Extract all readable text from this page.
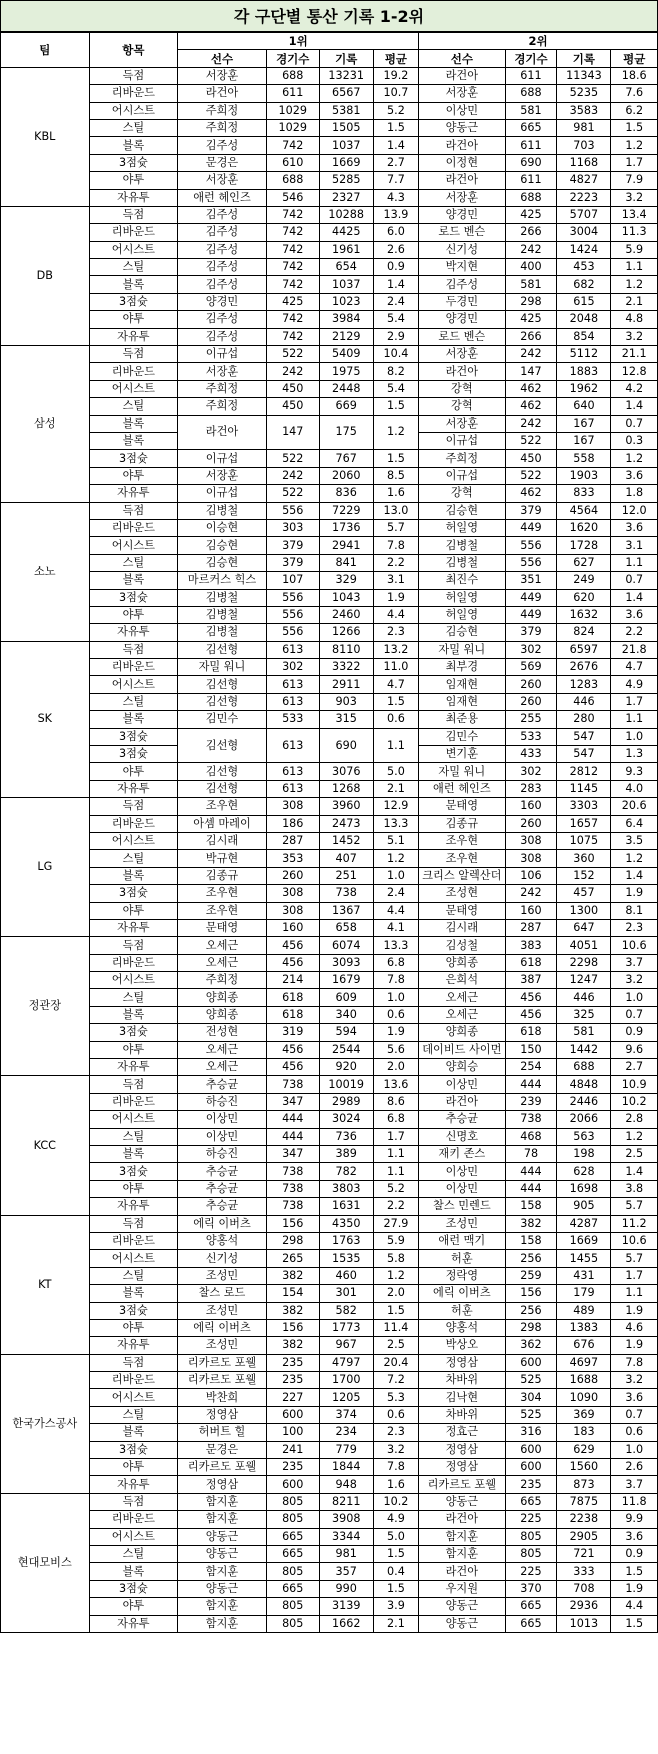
각 구단별 통산 기록 1-2위
팀	항목	1위				2위			
		선수	경기수	기록	평균	선수	경기수	기록	평균
KBL	득점	서장훈	688	13231	19.2	라건아	611	11343	18.6
	리바운드	라건아	611	6567	10.7	서장훈	688	5235	7.6
	어시스트	주희정	1029	5381	5.2	이상민	581	3583	6.2
	스틸	주희정	1029	1505	1.5	양동근	665	981	1.5
	블록	김주성	742	1037	1.4	라건아	611	703	1.2
	3점슛	문경은	610	1669	2.7	이정현	690	1168	1.7
	야투	서장훈	688	5285	7.7	라건아	611	4827	7.9
	자유투	애런 헤인즈	546	2327	4.3	서장훈	688	2223	3.2
DB	득점	김주성	742	10288	13.9	양경민	425	5707	13.4
	리바운드	김주성	742	4425	6.0	로드 벤슨	266	3004	11.3
	어시스트	김주성	742	1961	2.6	신기성	242	1424	5.9
	스틸	김주성	742	654	0.9	박지현	400	453	1.1
	블록	김주성	742	1037	1.4	김주성	581	682	1.2
	3점슛	양경민	425	1023	2.4	두경민	298	615	2.1
	야투	김주성	742	3984	5.4	양경민	425	2048	4.8
	자유투	김주성	742	2129	2.9	로드 벤슨	266	854	3.2
삼성	득점	이규섭	522	5409	10.4	서장훈	242	5112	21.1
	리바운드	서장훈	242	1975	8.2	라건아	147	1883	12.8
	어시스트	주희정	450	2448	5.4	강혁	462	1962	4.2
	스틸	주희정	450	669	1.5	강혁	462	640	1.4
	블록	라건아	147	175	1.2	서장훈	242	167	0.7
	블록					이규섭	522	167	0.3
	3점슛	이규섭	522	767	1.5	주희정	450	558	1.2
	야투	서장훈	242	2060	8.5	이규섭	522	1903	3.6
	자유투	이규섭	522	836	1.6	강혁	462	833	1.8
소노	득점	김병철	556	7229	13.0	김승현	379	4564	12.0
	리바운드	이승현	303	1736	5.7	허일영	449	1620	3.6
	어시스트	김승현	379	2941	7.8	김병철	556	1728	3.1
	스틸	김승현	379	841	2.2	김병철	556	627	1.1
	블록	마르커스 힉스	107	329	3.1	최진수	351	249	0.7
	3점슛	김병철	556	1043	1.9	허일영	449	620	1.4
	야투	김병철	556	2460	4.4	허일영	449	1632	3.6
	자유투	김병철	556	1266	2.3	김승현	379	824	2.2
SK	득점	김선형	613	8110	13.2	자밀 워니	302	6597	21.8
	리바운드	자밀 워니	302	3322	11.0	최부경	569	2676	4.7
	어시스트	김선형	613	2911	4.7	임재현	260	1283	4.9
	스틸	김선형	613	903	1.5	임재현	260	446	1.7
	블록	김민수	533	315	0.6	최준용	255	280	1.1
	3점슛	김선형	613	690	1.1	김민수	533	547	1.0
	3점슛					변기훈	433	547	1.3
	야투	김선형	613	3076	5.0	자밀 워니	302	2812	9.3
	자유투	김선형	613	1268	2.1	애런 헤인즈	283	1145	4.0
LG	득점	조우현	308	3960	12.9	문태영	160	3303	20.6
	리바운드	아셈 마레이	186	2473	13.3	김종규	260	1657	6.4
	어시스트	김시래	287	1452	5.1	조우현	308	1075	3.5
	스틸	박규현	353	407	1.2	조우현	308	360	1.2
	블록	김종규	260	251	1.0	크리스 알렉산더	106	152	1.4
	3점슛	조우현	308	738	2.4	조성현	242	457	1.9
	야투	조우현	308	1367	4.4	문태영	160	1300	8.1
	자유투	문태영	160	658	4.1	김시래	287	647	2.3
정관장	득점	오세근	456	6074	13.3	김성철	383	4051	10.6
	리바운드	오세근	456	3093	6.8	양희종	618	2298	3.7
	어시스트	주희정	214	1679	7.8	은희석	387	1247	3.2
	스틸	양희종	618	609	1.0	오세근	456	446	1.0
	블록	양희종	618	340	0.6	오세근	456	325	0.7
	3점슛	전성현	319	594	1.9	양희종	618	581	0.9
	야투	오세근	456	2544	5.6	데이비드 사이먼	150	1442	9.6
	자유투	오세근	456	920	2.0	양희승	254	688	2.7
KCC	득점	추승균	738	10019	13.6	이상민	444	4848	10.9
	리바운드	하승진	347	2989	8.6	라건아	239	2446	10.2
	어시스트	이상민	444	3024	6.8	추승균	738	2066	2.8
	스틸	이상민	444	736	1.7	신명호	468	563	1.2
	블록	하승진	347	389	1.1	재키 존스	78	198	2.5
	3점슛	추승균	738	782	1.1	이상민	444	628	1.4
	야투	추승균	738	3803	5.2	이상민	444	1698	3.8
	자유투	추승균	738	1631	2.2	찰스 민렌드	158	905	5.7
KT	득점	에릭 이버츠	156	4350	27.9	조성민	382	4287	11.2
	리바운드	양홍석	298	1763	5.9	애런 맥기	158	1669	10.6
	어시스트	신기성	265	1535	5.8	허훈	256	1455	5.7
	스틸	조성민	382	460	1.2	정락영	259	431	1.7
	블록	찰스 로드	154	301	2.0	에릭 이버츠	156	179	1.1
	3점슛	조성민	382	582	1.5	허훈	256	489	1.9
	야투	에릭 이버츠	156	1773	11.4	양홍석	298	1383	4.6
	자유투	조성민	382	967	2.5	박상오	362	676	1.9
한국가스공사	득점	리카르도 포웰	235	4797	20.4	정영삼	600	4697	7.8
	리바운드	리카르도 포웰	235	1700	7.2	차바위	525	1688	3.2
	어시스트	박찬희	227	1205	5.3	김낙현	304	1090	3.6
	스틸	정영삼	600	374	0.6	차바위	525	369	0.7
	블록	허버트 힐	100	234	2.3	정효근	316	183	0.6
	3점슛	문경은	241	779	3.2	정영삼	600	629	1.0
	야투	리카르도 포웰	235	1844	7.8	정영삼	600	1560	2.6
	자유투	정영삼	600	948	1.6	리카르도 포웰	235	873	3.7
현대모비스	득점	함지훈	805	8211	10.2	양동근	665	7875	11.8
	리바운드	함지훈	805	3908	4.9	라건아	225	2238	9.9
	어시스트	양동근	665	3344	5.0	함지훈	805	2905	3.6
	스틸	양동근	665	981	1.5	함지훈	805	721	0.9
	블록	함지훈	805	357	0.4	라건아	225	333	1.5
	3점슛	양동근	665	990	1.5	우지원	370	708	1.9
	야투	함지훈	805	3139	3.9	양동근	665	2936	4.4
	자유투	함지훈	805	1662	2.1	양동근	665	1013	1.5
